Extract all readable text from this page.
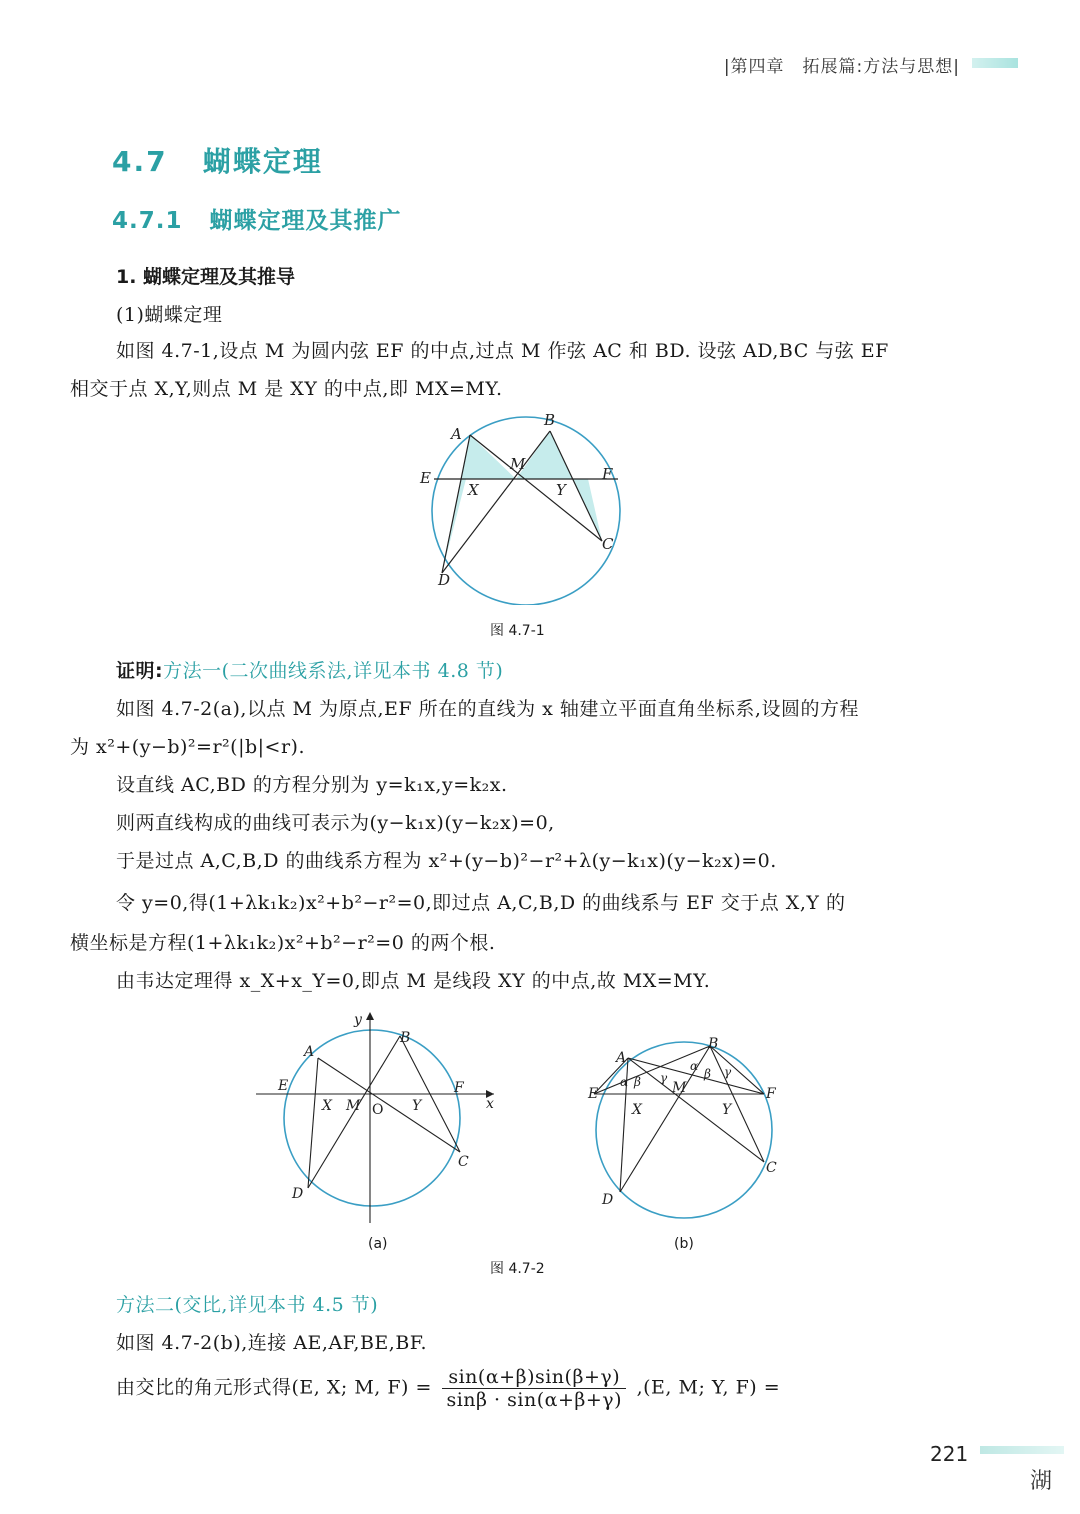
|第四章　拓展篇:方法与思想|
4.7 蝴蝶定理
4.7.1 蝴蝶定理及其推广
1. 蝴蝶定理及其推导
(1)蝴蝶定理
如图 4.7-1,设点 M 为圆内弦 EF 的中点,过点 M 作弦 AC 和 BD. 设弦 AD,BC 与弦 EF
相交于点 X,Y,则点 M 是 XY 的中点,即 MX=MY.
A
B
C
D
E	F
M
X	Y
图 4.7-1
证明:方法一(二次曲线系法,详见本书 4.8 节)
如图 4.7-2(a),以点 M 为原点,EF 所在的直线为 x 轴建立平面直角坐标系,设圆的方程
为 x²+(y−b)²=r²(|b|<r).
设直线 AC,BD 的方程分别为 y=k₁x,y=k₂x.
则两直线构成的曲线可表示为(y−k₁x)(y−k₂x)=0,
于是过点 A,C,B,D 的曲线系方程为 x²+(y−b)²−r²+λ(y−k₁x)(y−k₂x)=0.
令 y=0,得(1+λk₁k₂)x²+b²−r²=0,即过点 A,C,B,D 的曲线系与 EF 交于点 X,Y 的
横坐标是方程(1+λk₁k₂)x²+b²−r²=0 的两个根.
由韦达定理得 x_X+x_Y=0,即点 M 是线段 XY 的中点,故 MX=MY.
A
B
C
D
E	F
M
X	Y	x
y
O
(a)
A
B
C
D
E	F
M
X	Y
α β γ
α
β γ
(b)
图 4.7-2
方法二(交比,详见本书 4.5 节)
如图 4.7-2(b),连接 AE,AF,BE,BF.
由交比的角元形式得(E, X; M, $F) = \frac{\sin(\alpha+\beta)\sin(\beta+\gamma)}{\sin\beta \cdot \sin(\alpha+\beta+\gamma)} ,(E$, M; Y, F) =
221
湖
